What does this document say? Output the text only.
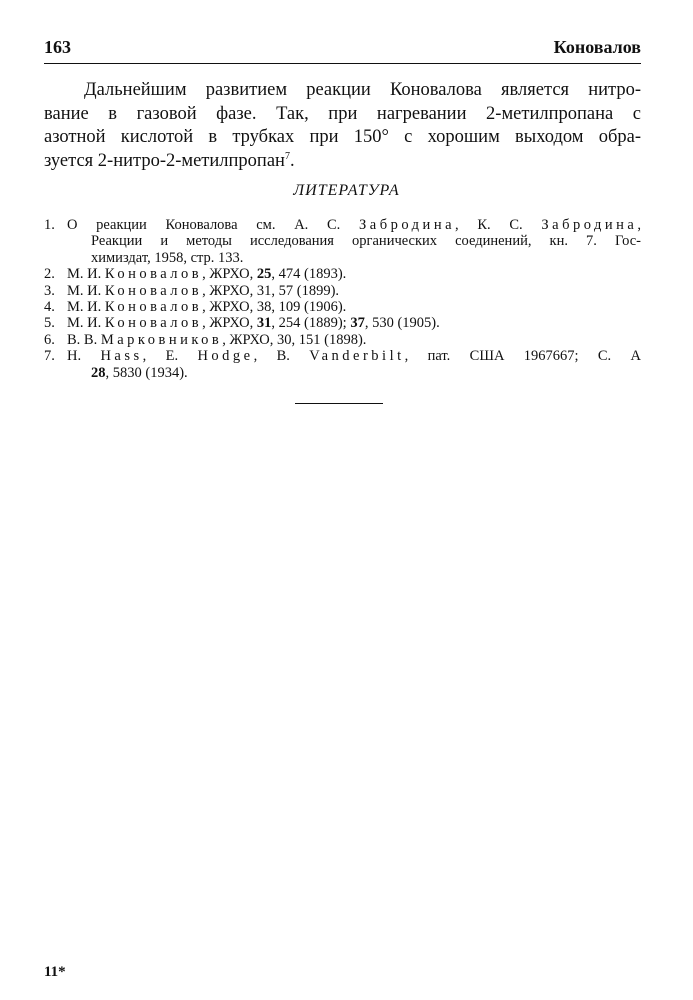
163	Коновалов
Дальнейшим развитием реакции Коновалова является нитро-
вание в газовой фазе. Так, при нагревании 2-метилпропана с
азотной кислотой в трубках при 150° с хорошим выходом обра-
зуется 2-нитро-2-метилпропан$^7$.
ЛИТЕРАТУРА
1. О реакции Коновалова см. А. С. Забродина, К. С. Забродина,
Реакции и методы исследования органических соединений, кн. 7. Гос-
химиздат, 1958, стр. 133.
2. М. И. Коновалов, ЖРХО, 25, 474 (1893).
3. М. И. Коновалов, ЖРХО, 31, 57 (1899).
4. М. И. Коновалов, ЖРХО, 38, 109 (1906).
5. М. И. Коновалов, ЖРХО, 31, 254 (1889); 37, 530 (1905).
6. В. В. Марковников, ЖРХО, 30, 151 (1898).
7. Н. Hass, Е. Hodge, В. Vanderbilt, пат. США 1967667; С. А
28, 5830 (1934).
11*
